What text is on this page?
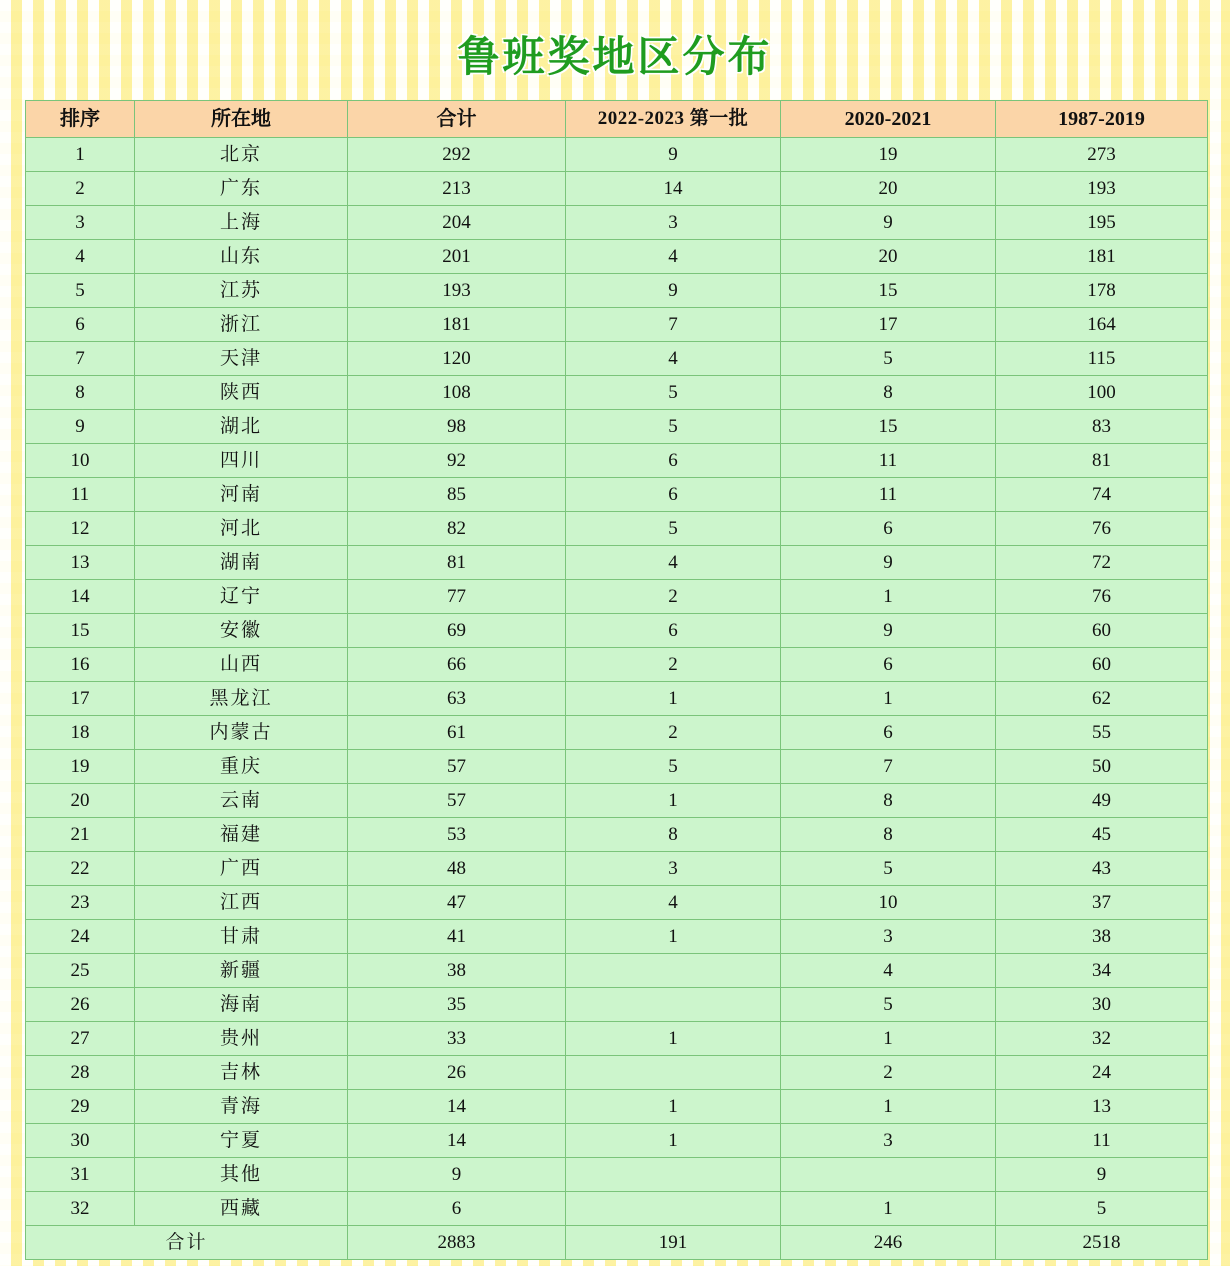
鲁班奖地区分布
排序	所在地	合计	2022-2023 第一批	2020-2021	1987-2019
1	北京	292	9	19	273
2	广东	213	14	20	193
3	上海	204	3	9	195
4	山东	201	4	20	181
5	江苏	193	9	15	178
6	浙江	181	7	17	164
7	天津	120	4	5	115
8	陕西	108	5	8	100
9	湖北	98	5	15	83
10	四川	92	6	11	81
11	河南	85	6	11	74
12	河北	82	5	6	76
13	湖南	81	4	9	72
14	辽宁	77	2	1	76
15	安徽	69	6	9	60
16	山西	66	2	6	60
17	黑龙江	63	1	1	62
18	内蒙古	61	2	6	55
19	重庆	57	5	7	50
20	云南	57	1	8	49
21	福建	53	8	8	45
22	广西	48	3	5	43
23	江西	47	4	10	37
24	甘肃	41	1	3	38
25	新疆	38		4	34
26	海南	35		5	30
27	贵州	33	1	1	32
28	吉林	26		2	24
29	青海	14	1	1	13
30	宁夏	14	1	3	11
31	其他	9			9
32	西藏	6		1	5
合计		2883	191	246	2518
